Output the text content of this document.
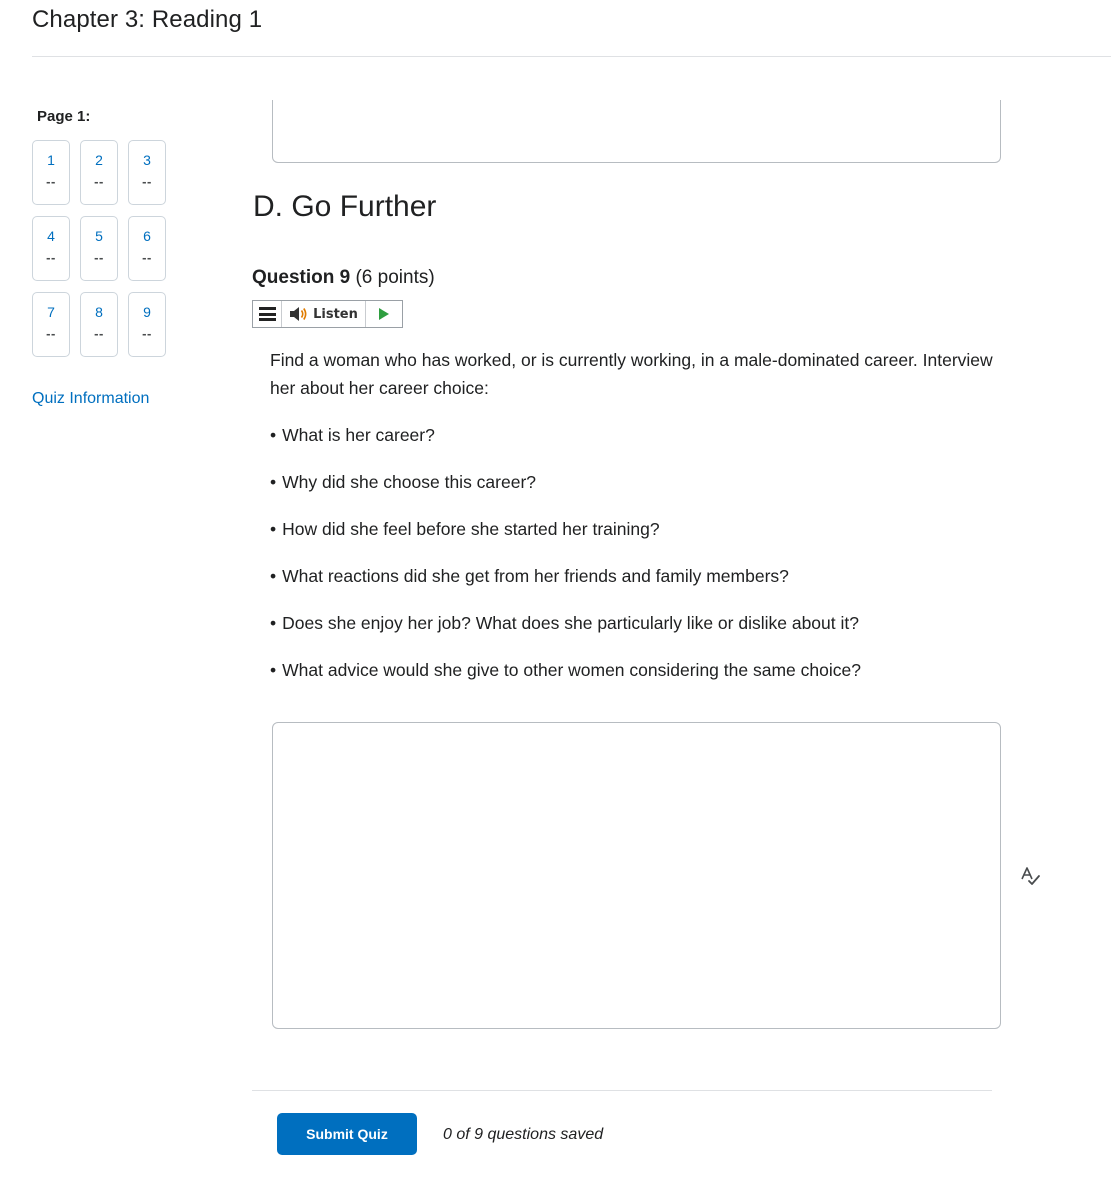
Chapter 3: Reading 1
Page 1:
1
--
2
--
3
--
4
--
5
--
6
--
7
--
8
--
9
--
Quiz Information
D. Go Further
Question 9 (6 points)
Listen

Find a woman who has worked, or is currently working, in a male-dominated career. Interview her about her career choice:

• What is her career?
• Why did she choose this career?
• How did she feel before she started her training?
• What reactions did she get from her friends and family members?
• Does she enjoy her job? What does she particularly like or dislike about it?
• What advice would she give to other women considering the same choice?
Submit Quiz	0 of 9 questions saved
